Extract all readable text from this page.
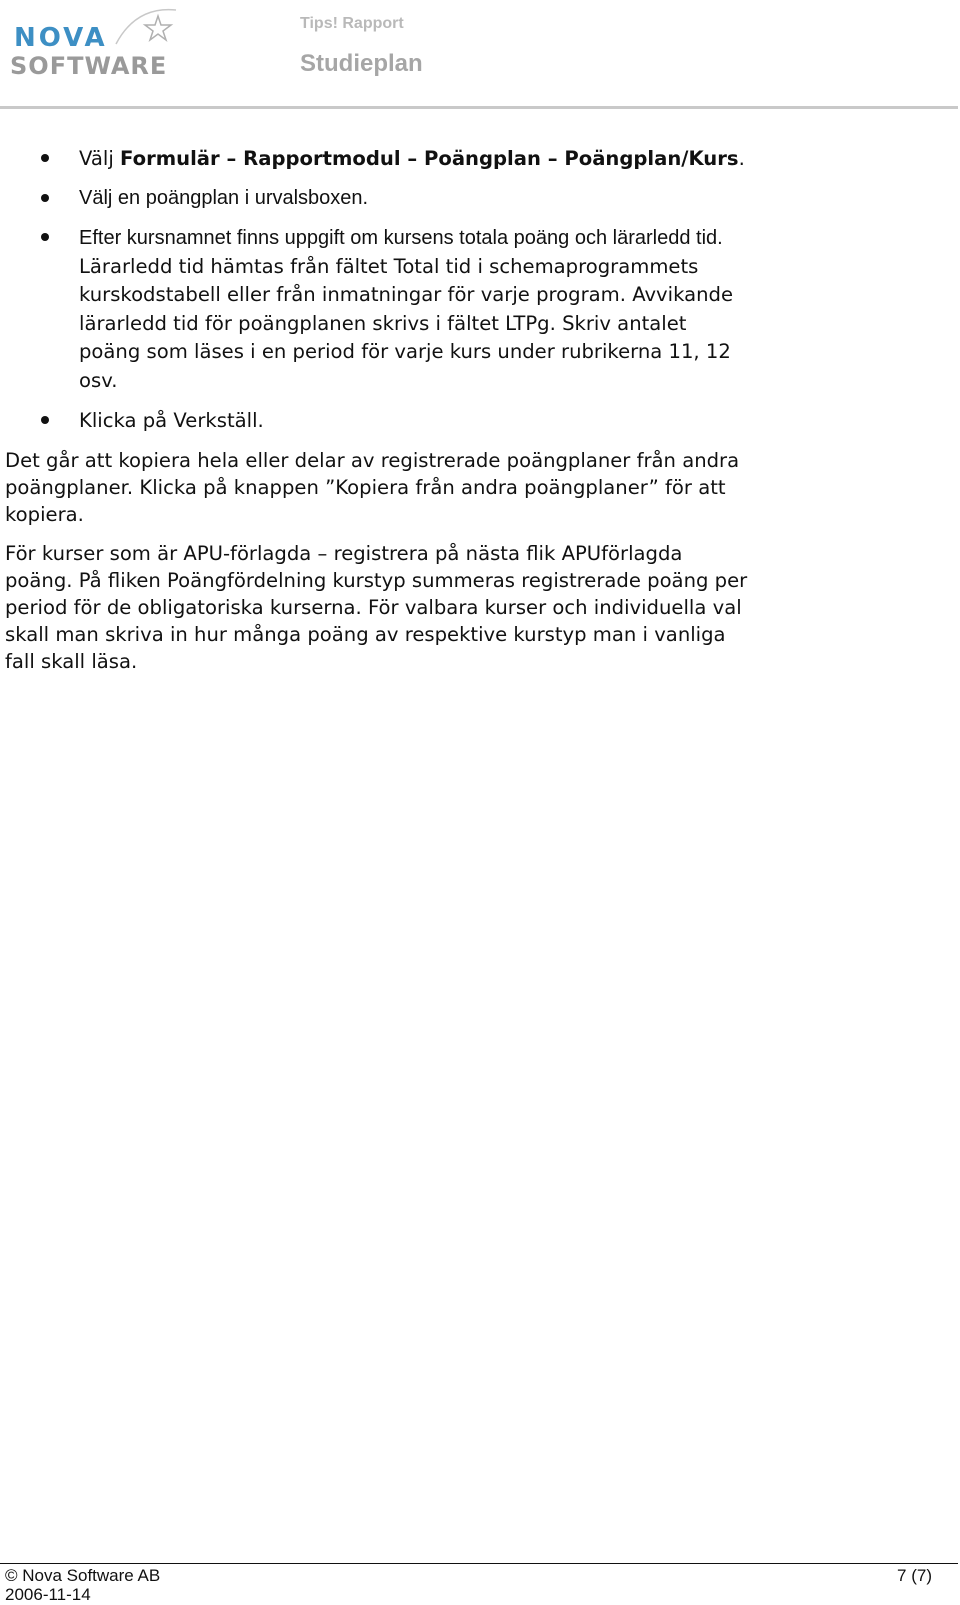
NOVA
SOFTWARE
Tips! Rapport
Studieplan
Välj Formulär – Rapportmodul – Poängplan – Poängplan/Kurs.
Välj en poängplan i urvalsboxen.
Efter kursnamnet finns uppgift om kursens totala poäng och lärarledd tid. Lärarledd tid hämtas från fältet Total tid i schemaprogrammets kurskodstabell eller från inmatningar för varje program. Avvikande lärarledd tid för poängplanen skrivs i fältet LTPg. Skriv antalet poäng som läses i en period för varje kurs under rubrikerna 11, 12 osv.
Klicka på Verkställ.

Det går att kopiera hela eller delar av registrerade poängplaner från andra poängplaner. Klicka på knappen ”Kopiera från andra poängplaner” för att kopiera.

För kurser som är APU-förlagda – registrera på nästa flik APUförlagda poäng. På fliken Poängfördelning kurstyp summeras registrerade poäng per period för de obligatoriska kurserna. För valbara kurser och individuella val skall man skriva in hur många poäng av respektive kurstyp man i vanliga fall skall läsa.

© Nova Software AB
2006-11-14
7 (7)
